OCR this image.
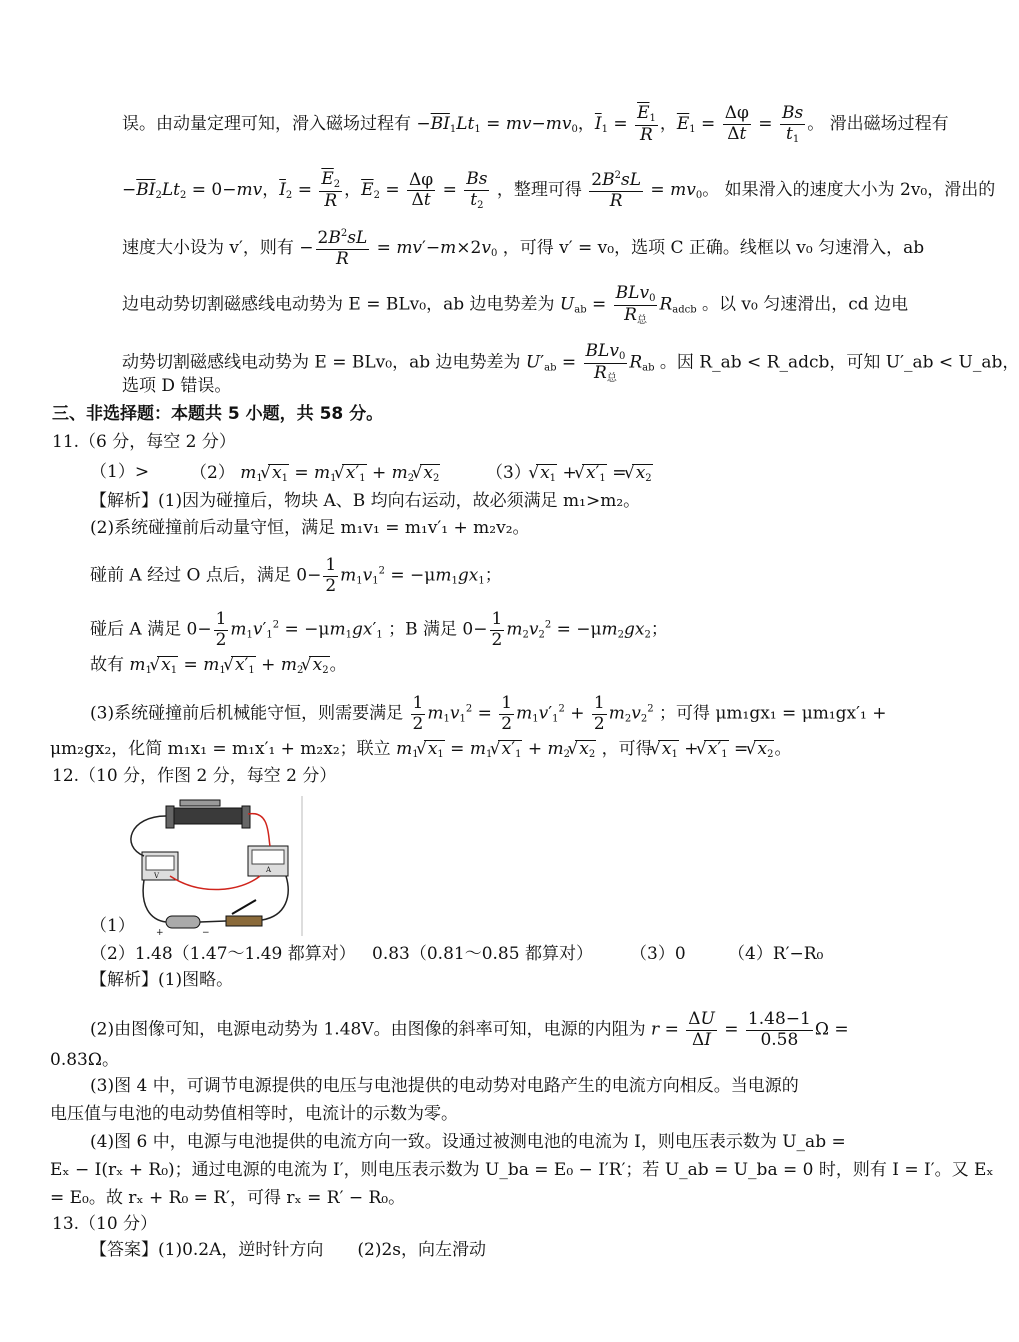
误。由动量定理可知，滑入磁场过程有 $-\overline{BI}_1Lt_1 = mv-mv_0$，$\overline{I}_1 = \frac{\overline{E}_1}{R}$ ，$\overline{E}_1 = \frac{\Delta\varphi}{\Delta t} = \frac{Bs}{t_1}$ 。 滑出磁场过程有
$-\overline{BI}_2Lt_2 = 0-mv$，$\overline{I}_2 = \frac{\overline{E}_2}{R}$ ，$\overline{E}_2 = \frac{\Delta\varphi}{\Delta t} = \frac{Bs}{t_2}$ ，整理可得 $\frac{2B^2sL}{R} = mv_0$。 如果滑入的速度大小为 2v₀，滑出的
速度大小设为 v′，则有 − $\frac{2B^2sL}{R} = mv'-m\times 2v_0$ ，可得 v′ = v₀，选项 C 正确。线框以 v₀ 匀速滑入，ab
边电动势切割磁感线电动势为 E = BLv₀，ab 边电势差为 $U_{ab} = \frac{BLv_0}{R_总} R_{adcb}$ 。以 v₀ 匀速滑出，cd 边电
动势切割磁感线电动势为 E = BLv₀，ab 边电势差为 $U'_{ab} = \frac{BLv_0}{R_总} R_{ab}$ 。因 R_ab < R_adcb，可知 U′_ab < U_ab，
选项 D 错误。
三、非选择题：本题共 5 小题，共 58 分。
11.（6 分，每空 2 分）
（1）> （2） $m_1$ √ $x_1 = m_1$ √ $x'_1 + m_2$ √ $x_2$	（3） √ $x_1$ + √ $x'_1$ = √ $x_2$
【解析】(1)因为碰撞后，物块 A、B 均向右运动，故必须满足 m₁>m₂。
(2)系统碰撞前后动量守恒，满足 m₁v₁ = m₁v′₁ + m₂v₂。
碰前 A 经过 O 点后，满足 $0- \frac{1}{2} m_1v_1^2 = -\mu m_1gx_1$；
碰后 A 满足 $0- \frac{1}{2} m_1v'_1^2 = -\mu m_1gx'_1$ ；B 满足 $0- \frac{1}{2} m_2v_2^2 = -\mu m_2gx_2$；
故有 $m_1$ √ $x_1 = m_1$ √ $x'_1 + m_2$ √ $x_2$。
(3)系统碰撞前后机械能守恒，则需要满足 $\frac{1}{2} m_1v_1^2 = \frac{1}{2} m_1v'_1^2 + \frac{1}{2} m_2v_2^2$ ；可得 μm₁gx₁ = μm₁gx′₁ +
μm₂gx₂，化简 m₁x₁ = m₁x′₁ + m₂x₂；联立 $m_1$ √ $x_1 = m_1$ √ $x'_1 + m_2$ √ $x_2$ ，可得 √ $x_1$ + √ $x'_1$ = √ $x_2$。
12.（10 分，作图 2 分，每空 2 分）
V
A
+	−
（1）
（2）1.48（1.47～1.49 都算对） 0.83（0.81～0.85 都算对） （3）0 （4）R′−R₀
【解析】(1)图略。
(2)由图像可知，电源电动势为 1.48V。由图像的斜率可知，电源的内阻为 $r = \frac{\Delta U}{\Delta I} = \frac{1.48-1}{0.58}$ Ω =
0.83Ω。
(3)图 4 中，可调节电源提供的电压与电池提供的电动势对电路产生的电流方向相反。当电源的
电压值与电池的电动势值相等时，电流计的示数为零。
(4)图 6 中，电源与电池提供的电流方向一致。设通过被测电池的电流为 I，则电压表示数为 U_ab =
Eₓ − I(rₓ + R₀)；通过电源的电流为 I′，则电压表示数为 U_ba = E₀ − I′R′；若 U_ab = U_ba = 0 时，则有 I = I′。又 Eₓ
= E₀。故 rₓ + R₀ = R′，可得 rₓ = R′ − R₀。
13.（10 分）
【答案】(1)0.2A，逆时针方向　　(2)2s，向左滑动
